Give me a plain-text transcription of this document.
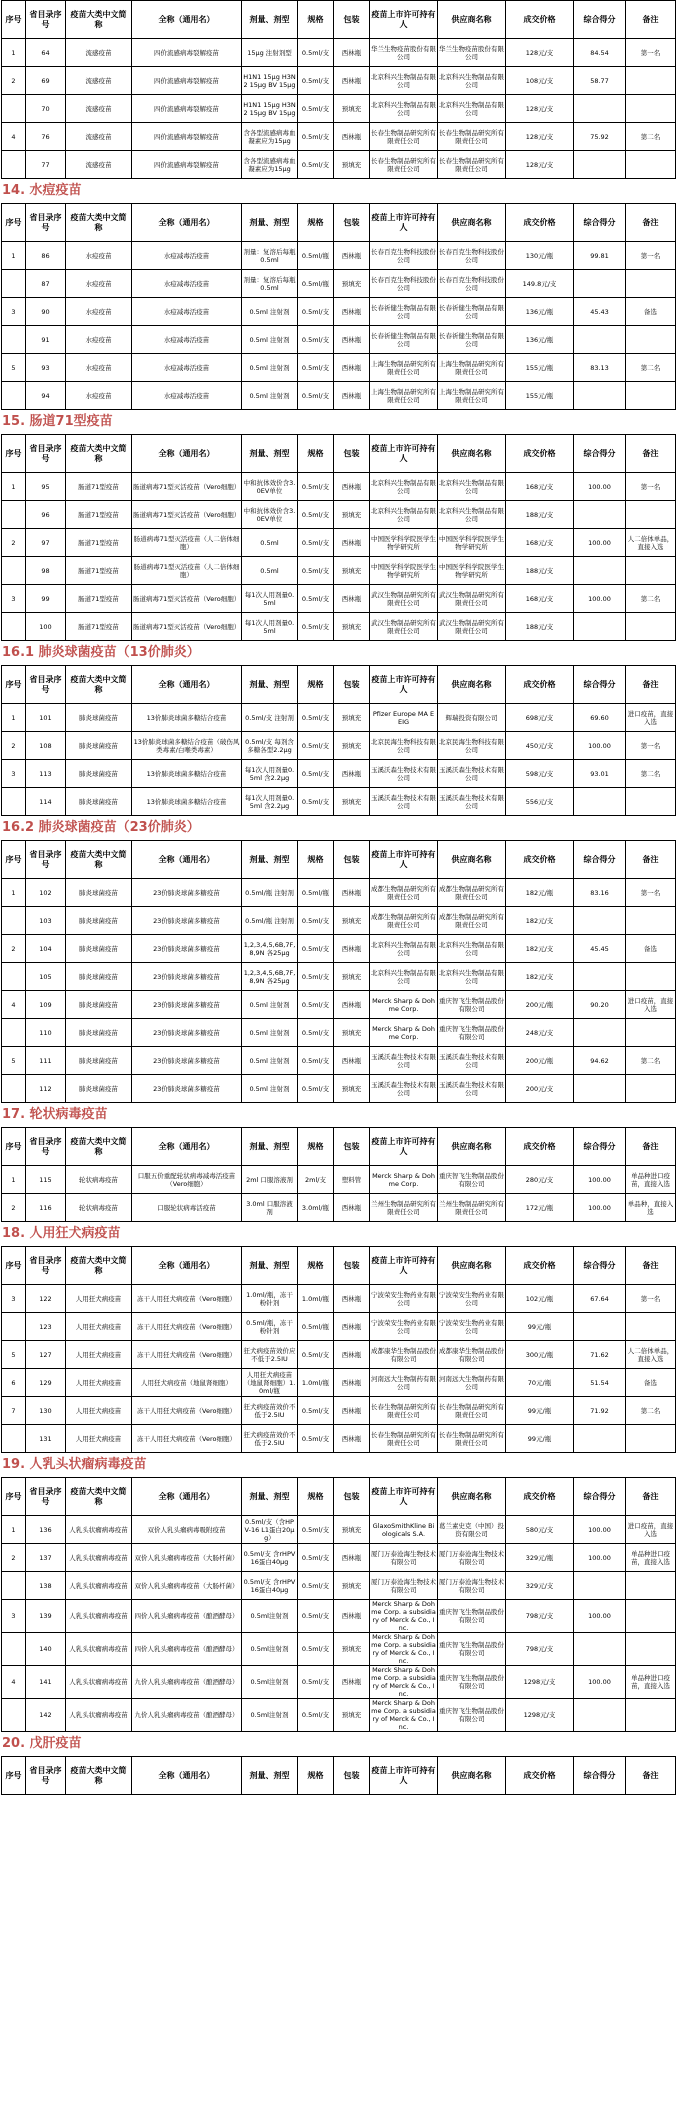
序号	省目录序号	疫苗大类中文简称	全称（通用名）	剂量、剂型	规格	包装	疫苗上市许可持有人	供应商名称	成交价格	综合得分	备注
1	64	流感疫苗	四价流感病毒裂解疫苗	15μg 注射剂型	0.5ml/支	西林瓶	华兰生物疫苗股份有限公司	华兰生物疫苗股份有限公司	128元/支	84.54	第一名
2	69	流感疫苗	四价流感病毒裂解疫苗	H1N1 15μg H3N2 15μg BV 15μg	0.5ml/支	西林瓶	北京科兴生物制品有限公司	北京科兴生物制品有限公司	108元/支	58.77	
	70	流感疫苗	四价流感病毒裂解疫苗	H1N1 15μg H3N2 15μg BV 15μg	0.5ml/支	预填充	北京科兴生物制品有限公司	北京科兴生物制品有限公司	128元/支		
4	76	流感疫苗	四价流感病毒裂解疫苗	含各型流感病毒血凝素应为15μg	0.5ml/支	西林瓶	长春生物制品研究所有限责任公司	长春生物制品研究所有限责任公司	128元/支	75.92	第二名
	77	流感疫苗	四价流感病毒裂解疫苗	含各型流感病毒血凝素应为15μg	0.5ml/支	预填充	长春生物制品研究所有限责任公司	长春生物制品研究所有限责任公司	128元/支		
14. 水痘疫苗
序号	省目录序号	疫苗大类中文简称	全称（通用名）	剂量、剂型	规格	包装	疫苗上市许可持有人	供应商名称	成交价格	综合得分	备注
1	86	水痘疫苗	水痘减毒活疫苗	剂量：复溶后每瓶0.5ml	0.5ml/瓶	西林瓶	长春百克生物科技股份公司	长春百克生物科技股份公司	130元/瓶	99.81	第一名
	87	水痘疫苗	水痘减毒活疫苗	剂量：复溶后每瓶0.5ml	0.5ml/瓶	预填充	长春百克生物科技股份公司	长春百克生物科技股份公司	149.8元/支		
3	90	水痘疫苗	水痘减毒活疫苗	0.5ml 注射剂	0.5ml/支	西林瓶	长春祈健生物制品有限公司	长春祈健生物制品有限公司	136元/瓶	45.43	备选
	91	水痘疫苗	水痘减毒活疫苗	0.5ml 注射剂	0.5ml/支	西林瓶	长春祈健生物制品有限公司	长春祈健生物制品有限公司	136元/瓶		
5	93	水痘疫苗	水痘减毒活疫苗	0.5ml 注射剂	0.5ml/支	西林瓶	上海生物制品研究所有限责任公司	上海生物制品研究所有限责任公司	155元/瓶	83.13	第二名
	94	水痘疫苗	水痘减毒活疫苗	0.5ml 注射剂	0.5ml/支	西林瓶	上海生物制品研究所有限责任公司	上海生物制品研究所有限责任公司	155元/瓶		
15. 肠道71型疫苗
序号	省目录序号	疫苗大类中文简称	全称（通用名）	剂量、剂型	规格	包装	疫苗上市许可持有人	供应商名称	成交价格	综合得分	备注
1	95	肠道71型疫苗	肠道病毒71型灭活疫苗（Vero细胞）	中和抗体效价含3.0EV单位	0.5ml/支	西林瓶	北京科兴生物制品有限公司	北京科兴生物制品有限公司	168元/支	100.00	第一名
	96	肠道71型疫苗	肠道病毒71型灭活疫苗（Vero细胞）	中和抗体效价含3.0EV单位	0.5ml/支	预填充	北京科兴生物制品有限公司	北京科兴生物制品有限公司	188元/支		
2	97	肠道71型疫苗	肠道病毒71型灭活疫苗（人二倍体细胞）	0.5ml	0.5ml/支	西林瓶	中国医学科学院医学生物学研究所	中国医学科学院医学生物学研究所	168元/支	100.00	人二倍体单品，直接入选
	98	肠道71型疫苗	肠道病毒71型灭活疫苗（人二倍体细胞）	0.5ml	0.5ml/支	预填充	中国医学科学院医学生物学研究所	中国医学科学院医学生物学研究所	188元/支		
3	99	肠道71型疫苗	肠道病毒71型灭活疫苗（Vero细胞）	每1次人用剂量0.5ml	0.5ml/支	西林瓶	武汉生物制品研究所有限责任公司	武汉生物制品研究所有限责任公司	168元/支	100.00	第二名
	100	肠道71型疫苗	肠道病毒71型灭活疫苗（Vero细胞）	每1次人用剂量0.5ml	0.5ml/支	预填充	武汉生物制品研究所有限责任公司	武汉生物制品研究所有限责任公司	188元/支		
16.1 肺炎球菌疫苗（13价肺炎）
序号	省目录序号	疫苗大类中文简称	全称（通用名）	剂量、剂型	规格	包装	疫苗上市许可持有人	供应商名称	成交价格	综合得分	备注
1	101	肺炎球菌疫苗	13价肺炎球菌多糖结合疫苗	0.5ml/支 注射剂	0.5ml/支	预填充	Pfizer Europe MA EEIG	辉瑞投资有限公司	698元/支	69.60	进口疫苗，直接入选
2	108	肺炎球菌疫苗	13价肺炎球菌多糖结合疫苗（破伤风类毒素/白喉类毒素）	0.5ml/支 每剂含多糖各型2.2μg	0.5ml/支	预填充	北京民海生物科技有限公司	北京民海生物科技有限公司	450元/支	100.00	第一名
3	113	肺炎球菌疫苗	13价肺炎球菌多糖结合疫苗	每1次人用剂量0.5ml 含2.2μg	0.5ml/支	西林瓶	玉溪沃森生物技术有限公司	玉溪沃森生物技术有限公司	598元/支	93.01	第二名
	114	肺炎球菌疫苗	13价肺炎球菌多糖结合疫苗	每1次人用剂量0.5ml 含2.2μg	0.5ml/支	预填充	玉溪沃森生物技术有限公司	玉溪沃森生物技术有限公司	556元/支		
16.2 肺炎球菌疫苗（23价肺炎）
序号	省目录序号	疫苗大类中文简称	全称（通用名）	剂量、剂型	规格	包装	疫苗上市许可持有人	供应商名称	成交价格	综合得分	备注
1	102	肺炎球菌疫苗	23价肺炎球菌多糖疫苗	0.5ml/瓶 注射剂	0.5ml/瓶	西林瓶	成都生物制品研究所有限责任公司	成都生物制品研究所有限责任公司	182元/瓶	83.16	第一名
	103	肺炎球菌疫苗	23价肺炎球菌多糖疫苗	0.5ml/瓶 注射剂	0.5ml/支	预填充	成都生物制品研究所有限责任公司	成都生物制品研究所有限责任公司	182元/支		
2	104	肺炎球菌疫苗	23价肺炎球菌多糖疫苗	1,2,3,4,5,6B,7F,8,9N 各25μg	0.5ml/支	西林瓶	北京科兴生物制品有限公司	北京科兴生物制品有限公司	182元/支	45.45	备选
	105	肺炎球菌疫苗	23价肺炎球菌多糖疫苗	1,2,3,4,5,6B,7F,8,9N 各25μg	0.5ml/支	预填充	北京科兴生物制品有限公司	北京科兴生物制品有限公司	182元/支		
4	109	肺炎球菌疫苗	23价肺炎球菌多糖疫苗	0.5ml 注射剂	0.5ml/支	西林瓶	Merck Sharp & Dohme Corp.	重庆智飞生物制品股份有限公司	200元/瓶	90.20	进口疫苗，直接入选
	110	肺炎球菌疫苗	23价肺炎球菌多糖疫苗	0.5ml 注射剂	0.5ml/支	预填充	Merck Sharp & Dohme Corp.	重庆智飞生物制品股份有限公司	248元/支		
5	111	肺炎球菌疫苗	23价肺炎球菌多糖疫苗	0.5ml 注射剂	0.5ml/支	西林瓶	玉溪沃森生物技术有限公司	玉溪沃森生物技术有限公司	200元/瓶	94.62	第二名
	112	肺炎球菌疫苗	23价肺炎球菌多糖疫苗	0.5ml 注射剂	0.5ml/支	预填充	玉溪沃森生物技术有限公司	玉溪沃森生物技术有限公司	200元/支		
17. 轮状病毒疫苗
序号	省目录序号	疫苗大类中文简称	全称（通用名）	剂量、剂型	规格	包装	疫苗上市许可持有人	供应商名称	成交价格	综合得分	备注
1	115	轮状病毒疫苗	口服五价重配轮状病毒减毒活疫苗（Vero细胞）	2ml 口服溶液剂	2ml/支	塑料管	Merck Sharp & Dohme Corp.	重庆智飞生物制品股份有限公司	280元/支	100.00	单品种进口疫苗，直接入选
2	116	轮状病毒疫苗	口服轮状病毒活疫苗	3.0ml 口服溶液剂	3.0ml/瓶	西林瓶	兰州生物制品研究所有限责任公司	兰州生物制品研究所有限责任公司	172元/瓶	100.00	单品种，直接入选
18. 人用狂犬病疫苗
序号	省目录序号	疫苗大类中文简称	全称（通用名）	剂量、剂型	规格	包装	疫苗上市许可持有人	供应商名称	成交价格	综合得分	备注
3	122	人用狂犬病疫苗	冻干人用狂犬病疫苗（Vero细胞）	1.0ml/瓶，冻干粉针剂	1.0ml/瓶	西林瓶	宁波荣安生物药业有限公司	宁波荣安生物药业有限公司	102元/瓶	67.64	第一名
	123	人用狂犬病疫苗	冻干人用狂犬病疫苗（Vero细胞）	0.5ml/瓶，冻干粉针剂	0.5ml/瓶	西林瓶	宁波荣安生物药业有限公司	宁波荣安生物药业有限公司	99元/瓶		
5	127	人用狂犬病疫苗	冻干人用狂犬病疫苗（Vero细胞）	狂犬病疫苗效价应不低于2.5IU	0.5ml/支	西林瓶	成都康华生物制品股份有限公司	成都康华生物制品股份有限公司	300元/瓶	71.62	人二倍体单品，直接入选
6	129	人用狂犬病疫苗	人用狂犬病疫苗（地鼠肾细胞）	人用狂犬病疫苗（地鼠肾细胞）1.0ml/瓶	1.0ml/瓶	西林瓶	河南远大生物制药有限公司	河南远大生物制药有限公司	70元/瓶	51.54	备选
7	130	人用狂犬病疫苗	冻干人用狂犬病疫苗（Vero细胞）	狂犬病疫苗效价不低于2.5IU	0.5ml/支	西林瓶	长春生物制品研究所有限责任公司	长春生物制品研究所有限责任公司	99元/瓶	71.92	第二名
	131	人用狂犬病疫苗	冻干人用狂犬病疫苗（Vero细胞）	狂犬病疫苗效价不低于2.5IU	0.5ml/支	西林瓶	长春生物制品研究所有限责任公司	长春生物制品研究所有限责任公司	99元/瓶		
19. 人乳头状瘤病毒疫苗
序号	省目录序号	疫苗大类中文简称	全称（通用名）	剂量、剂型	规格	包装	疫苗上市许可持有人	供应商名称	成交价格	综合得分	备注
1	136	人乳头状瘤病毒疫苗	双价人乳头瘤病毒吸附疫苗	0.5ml/支（含HPV-16 L1蛋白20μg）	0.5ml/支	预填充	GlaxoSmithKline Biologicals S.A.	葛兰素史克（中国）投资有限公司	580元/支	100.00	进口疫苗，直接入选
2	137	人乳头状瘤病毒疫苗	双价人乳头瘤病毒疫苗（大肠杆菌）	0.5ml/支 含rHPV16蛋白40μg	0.5ml/支	西林瓶	厦门万泰沧海生物技术有限公司	厦门万泰沧海生物技术有限公司	329元/瓶	100.00	单品种进口疫苗，直接入选
	138	人乳头状瘤病毒疫苗	双价人乳头瘤病毒疫苗（大肠杆菌）	0.5ml/支 含rHPV16蛋白40μg	0.5ml/支	预填充	厦门万泰沧海生物技术有限公司	厦门万泰沧海生物技术有限公司	329元/支		
3	139	人乳头状瘤病毒疫苗	四价人乳头瘤病毒疫苗（酿酒酵母）	0.5ml注射剂	0.5ml/支	西林瓶	Merck Sharp & Dohme Corp. a subsidiary of Merck & Co., Inc.	重庆智飞生物制品股份有限公司	798元/支	100.00	
	140	人乳头状瘤病毒疫苗	四价人乳头瘤病毒疫苗（酿酒酵母）	0.5ml注射剂	0.5ml/支	预填充	Merck Sharp & Dohme Corp. a subsidiary of Merck & Co., Inc.	重庆智飞生物制品股份有限公司	798元/支		
4	141	人乳头状瘤病毒疫苗	九价人乳头瘤病毒疫苗（酿酒酵母）	0.5ml注射剂	0.5ml/支	西林瓶	Merck Sharp & Dohme Corp. a subsidiary of Merck & Co., Inc.	重庆智飞生物制品股份有限公司	1298元/支	100.00	单品种进口疫苗，直接入选
	142	人乳头状瘤病毒疫苗	九价人乳头瘤病毒疫苗（酿酒酵母）	0.5ml注射剂	0.5ml/支	预填充	Merck Sharp & Dohme Corp. a subsidiary of Merck & Co., Inc.	重庆智飞生物制品股份有限公司	1298元/支		
20. 戊肝疫苗
序号	省目录序号	疫苗大类中文简称	全称（通用名）	剂量、剂型	规格	包装	疫苗上市许可持有人	供应商名称	成交价格	综合得分	备注
